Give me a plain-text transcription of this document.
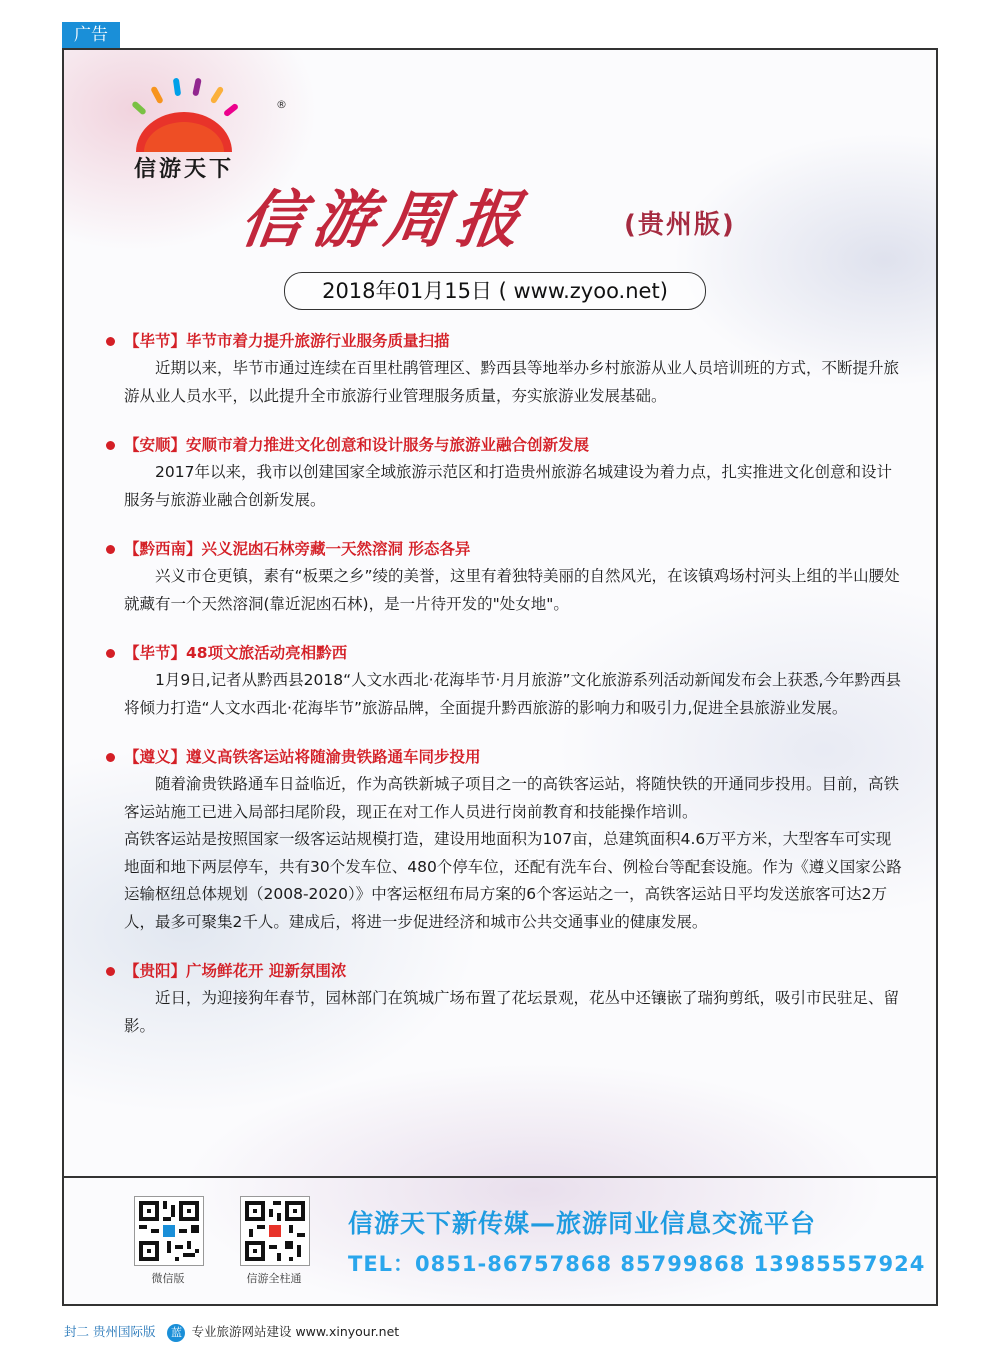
广告
信游天下
®
信游周报	(贵州版)
2018年01月15日 ( www.zyoo.net)
【毕节】毕节市着力提升旅游行业服务质量扫描

近期以来，毕节市通过连续在百里杜鹃管理区、黔西县等地举办乡村旅游从业人员培训班的方式，不断提升旅游从业人员水平，以此提升全市旅游行业管理服务质量，夯实旅游业发展基础。

【安顺】安顺市着力推进文化创意和设计服务与旅游业融合创新发展

2017年以来，我市以创建国家全域旅游示范区和打造贵州旅游名城建设为着力点，扎实推进文化创意和设计服务与旅游业融合创新发展。

【黔西南】兴义泥凼石林旁藏一天然溶洞 形态各异

兴义市仓更镇，素有“板栗之乡”绫的美誉，这里有着独特美丽的自然风光，在该镇鸡场村河头上组的半山腰处就藏有一个天然溶洞(靠近泥凼石林)，是一片待开发的"处女地"。

【毕节】48项文旅活动亮相黔西

1月9日,记者从黔西县2018“人文水西北·花海毕节·月月旅游”文化旅游系列活动新闻发布会上获悉,今年黔西县将倾力打造“人文水西北·花海毕节”旅游品牌，全面提升黔西旅游的影响力和吸引力,促进全县旅游业发展。

【遵义】遵义高铁客运站将随渝贵铁路通车同步投用

随着渝贵铁路通车日益临近，作为高铁新城子项目之一的高铁客运站，将随快铁的开通同步投用。目前，高铁客运站施工已进入局部扫尾阶段，现正在对工作人员进行岗前教育和技能操作培训。

高铁客运站是按照国家一级客运站规模打造，建设用地面积为107亩，总建筑面积4.6万平方米，大型客车可实现地面和地下两层停车，共有30个发车位、480个停车位，还配有洗车台、例检台等配套设施。作为《遵义国家公路运输枢纽总体规划（2008-2020）》中客运枢纽布局方案的6个客运站之一，高铁客运站日平均发送旅客可达2万人，最多可聚集2千人。建成后，将进一步促进经济和城市公共交通事业的健康发展。

【贵阳】广场鲜花开 迎新氛围浓

近日，为迎接狗年春节，园林部门在筑城广场布置了花坛景观，花丛中还镶嵌了瑞狗剪纸，吸引市民驻足、留影。

微信版	信游全柱通
信游天下新传媒—旅游同业信息交流平台
TEL：0851-86757868 85799868 13985557924
封二 贵州国际版 蓝 专业旅游网站建设 www.xinyour.net
